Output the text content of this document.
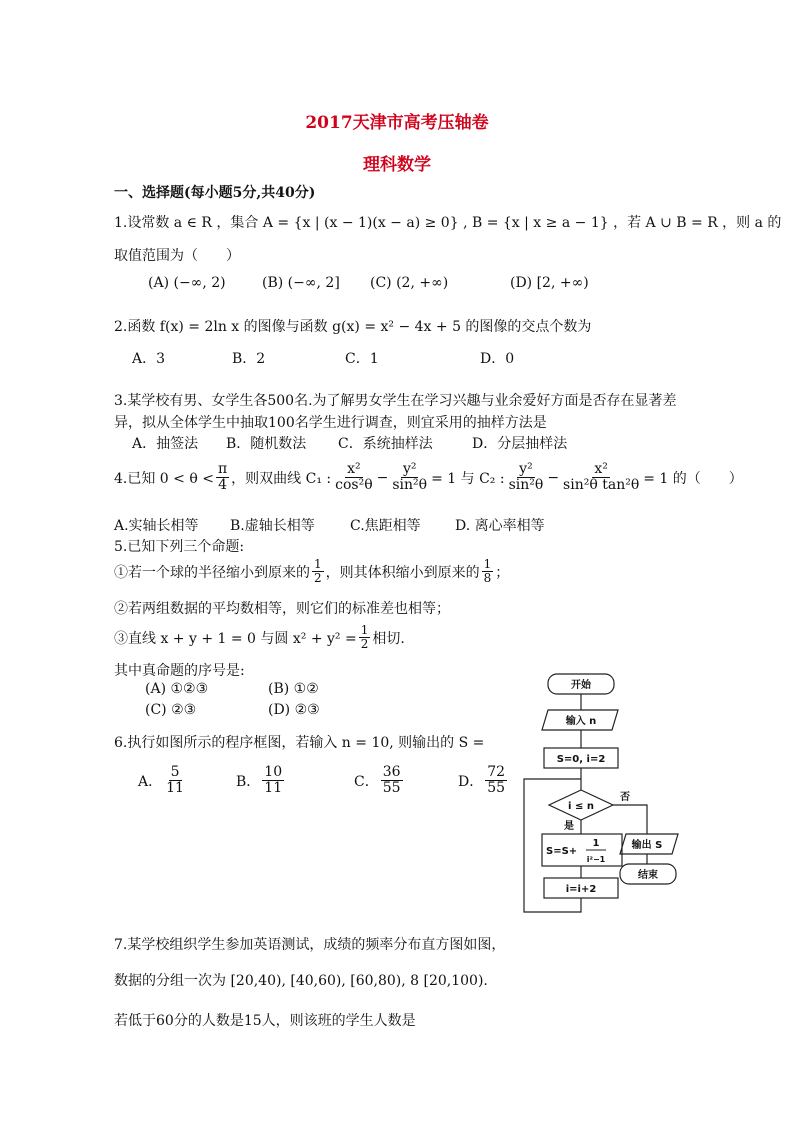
2017天津市高考压轴卷
理科数学
一、选择题(每小题5分,共40分)
1.设常数 a ∈ R ，集合 A = {x | (x − 1)(x − a) ≥ 0} , B = {x | x ≥ a − 1} ，若 A ∪ B = R ，则 a 的
取值范围为（　　）
(A) (−∞, 2)	(B) (−∞, 2] (C) (2, +∞)	(D) [2, +∞)
2.函数 f(x) = 2ln x 的图像与函数 g(x) = x² − 4x + 5 的图像的交点个数为
A．3	B．2	C．1	D．0
3.某学校有男、女学生各500名.为了解男女学生在学习兴趣与业余爱好方面是否存在显著差
异，拟从全体学生中抽取100名学生进行调查，则宜采用的抽样方法是
A．抽签法 B．随机数法 C．系统抽样法	D．分层抽样法
4.已知 $0 < \theta < \frac{\pi}{4}$ ，则双曲线 C₁ : $\frac{\text{x²}}{\text{cos²θ}} - \frac{\text{y²}}{\text{sin²θ}} = 1$ 与 C₂ : $\frac{\text{y²}}{\text{sin²θ}} - \frac{\text{x²}}{\text{sin²θ tan²θ}} = 1$ 的（　　）
A.实轴长相等 B.虚轴长相等	C.焦距相等 D. 离心率相等
5.已知下列三个命题:
①若一个球的半径缩小到原来的 $\frac{1}{2}$ ，则其体积缩小到原来的 $\frac{1}{8}$ ；
②若两组数据的平均数相等，则它们的标准差也相等；
③直线 x + y + 1 = 0 与圆 $x^2 + y^2 = \frac{1}{2}$ 相切.
其中真命题的序号是:
(A) ①②③	(B) ①②
(C) ②③	(D) ②③
6.执行如图所示的程序框图，若输入 n = 10, 则输出的 S =
A． $\frac{5}{11}$	B． $\frac{10}{11}$	C． $\frac{36}{55}$	D． $\frac{72}{55}$
开始
输入 n
S=0, i=2
i ≤ n
否
是
S=S+
1
i²−1
输出 S
结束
i=i+2
7.某学校组织学生参加英语测试，成绩的频率分布直方图如图，
数据的分组一次为 [20,40), [40,60), [60,80), 8 [20,100).
若低于60分的人数是15人，则该班的学生人数是
